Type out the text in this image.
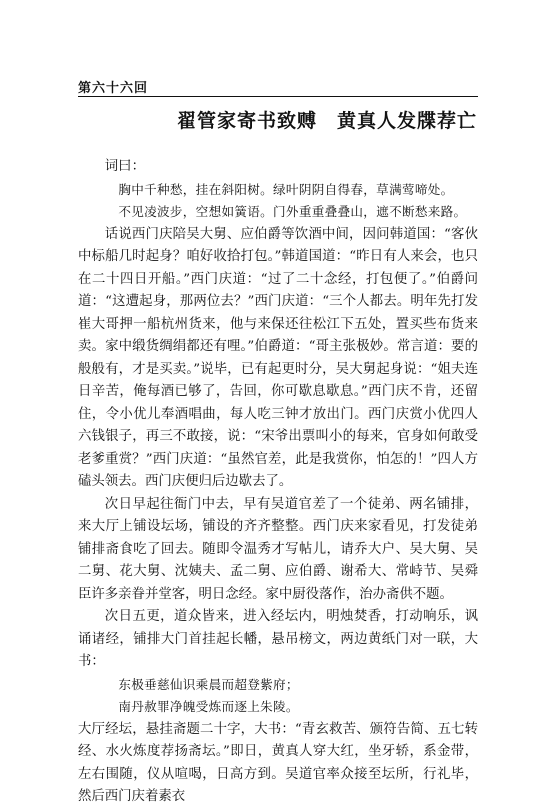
第六十六回
翟管家寄书致赙 黄真人发牒荐亡

词曰：

胸中千种愁，挂在斜阳树。绿叶阴阴自得春，草满莺啼处。

不见凌波步，空想如簧语。门外重重叠叠山，遮不断愁来路。

话说西门庆陪吴大舅、应伯爵等饮酒中间，因问韩道国：“客伙中标船几时起身？咱好收拾打包。”韩道国道：“昨日有人来会，也只在二十四日开船。”西门庆道：“过了二十念经，打包便了。”伯爵问道：“这遭起身，那两位去？”西门庆道：“三个人都去。明年先打发崔大哥押一船杭州货来，他与来保还往松江下五处，置买些布货来卖。家中缎货绸绢都还有哩。”伯爵道：“哥主张极妙。常言道：要的般般有，才是买卖。”说毕，已有起更时分，吴大舅起身说：“姐夫连日辛苦，俺每酒已够了，告回，你可歇息歇息。”西门庆不肯，还留住，令小优儿奉酒唱曲，每人吃三钟才放出门。西门庆赏小优四人六钱银子，再三不敢接，说：“宋爷出票叫小的每来，官身如何敢受老爹重赏？”西门庆道：“虽然官差，此是我赏你，怕怎的！”四人方磕头领去。西门庆便归后边歇去了。

次日早起往衙门中去，早有吴道官差了一个徒弟、两名铺排，来大厅上铺设坛场，铺设的齐齐整整。西门庆来家看见，打发徒弟铺排斋食吃了回去。随即令温秀才写帖儿，请乔大户、吴大舅、吴二舅、花大舅、沈姨夫、孟二舅、应伯爵、谢希大、常峙节、吴舜臣许多亲眷并堂客，明日念经。家中厨役落作，治办斋供不题。

次日五更，道众皆来，进入经坛内，明烛焚香，打动响乐，讽诵诸经，铺排大门首挂起长幡，悬吊榜文，两边黄纸门对一联，大书：

东极垂慈仙识乘晨而超登紫府；

南丹赦罪净魄受炼而逐上朱陵。

大厅经坛，悬挂斋题二十字，大书：“青玄救苦、颁符告简、五七转经、水火炼度荐扬斋坛。”即日，黄真人穿大红，坐牙轿，系金带，左右围随，仪从喧喝，日高方到。吴道官率众接至坛所，行礼毕，然后西门庆着素衣
